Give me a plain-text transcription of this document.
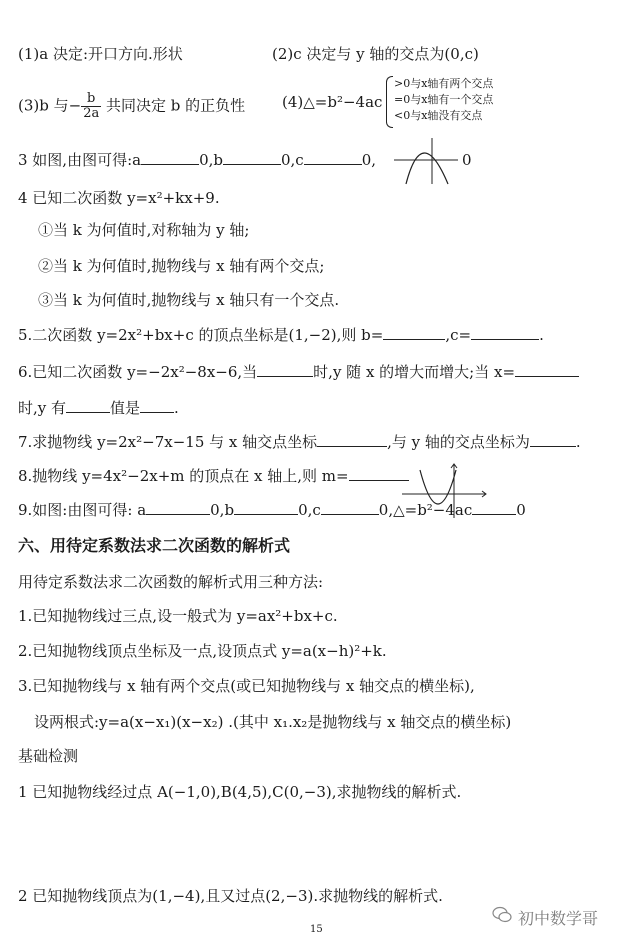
(1)a 决定:开口方向.形状	(2)c 决定与 y 轴的交点为(0,c)
(3)b 与− $\frac{b}{2a}$ 共同决定 b 的正负性 (4)△=b²−4ac
>0与x轴有两个交点
=0与x轴有一个交点
<0与x轴没有交点
3 如图,由图可得:a	0,b	0,c	0,	0
4 已知二次函数 y=x²+kx+9.
①当 k 为何值时,对称轴为 y 轴;
②当 k 为何值时,抛物线与 x 轴有两个交点;
③当 k 为何值时,抛物线与 x 轴只有一个交点.
5.二次函数 y=2x²+bx+c 的顶点坐标是(1,−2),则 b=	,c=	.
6.已知二次函数 y=−2x²−8x−6,当	时,y 随 x 的增大而增大;当 x=
时,y 有	值是 .
7.求抛物线 y=2x²−7x−15 与 x 轴交点坐标	,与 y 轴的交点坐标为	.
8.抛物线 y=4x²−2x+m 的顶点在 x 轴上,则 m=
9.如图:由图可得: a	0,b	0,c	0,△=b²−4ac	0
六、用待定系数法求二次函数的解析式
用待定系数法求二次函数的解析式用三种方法:
1.已知抛物线过三点,设一般式为 y=ax²+bx+c.
2.已知抛物线顶点坐标及一点,设顶点式 y=a(x−h)²+k.
3.已知抛物线与 x 轴有两个交点(或已知抛物线与 x 轴交点的横坐标),
设两根式:y=a(x−x₁)(x−x₂) .(其中 x₁.x₂是抛物线与 x 轴交点的横坐标)
基础检测
1 已知抛物线经过点 A(−1,0),B(4,5),C(0,−3),求抛物线的解析式.
2 已知抛物线顶点为(1,−4),且又过点(2,−3).求抛物线的解析式.
15
初中数学哥
